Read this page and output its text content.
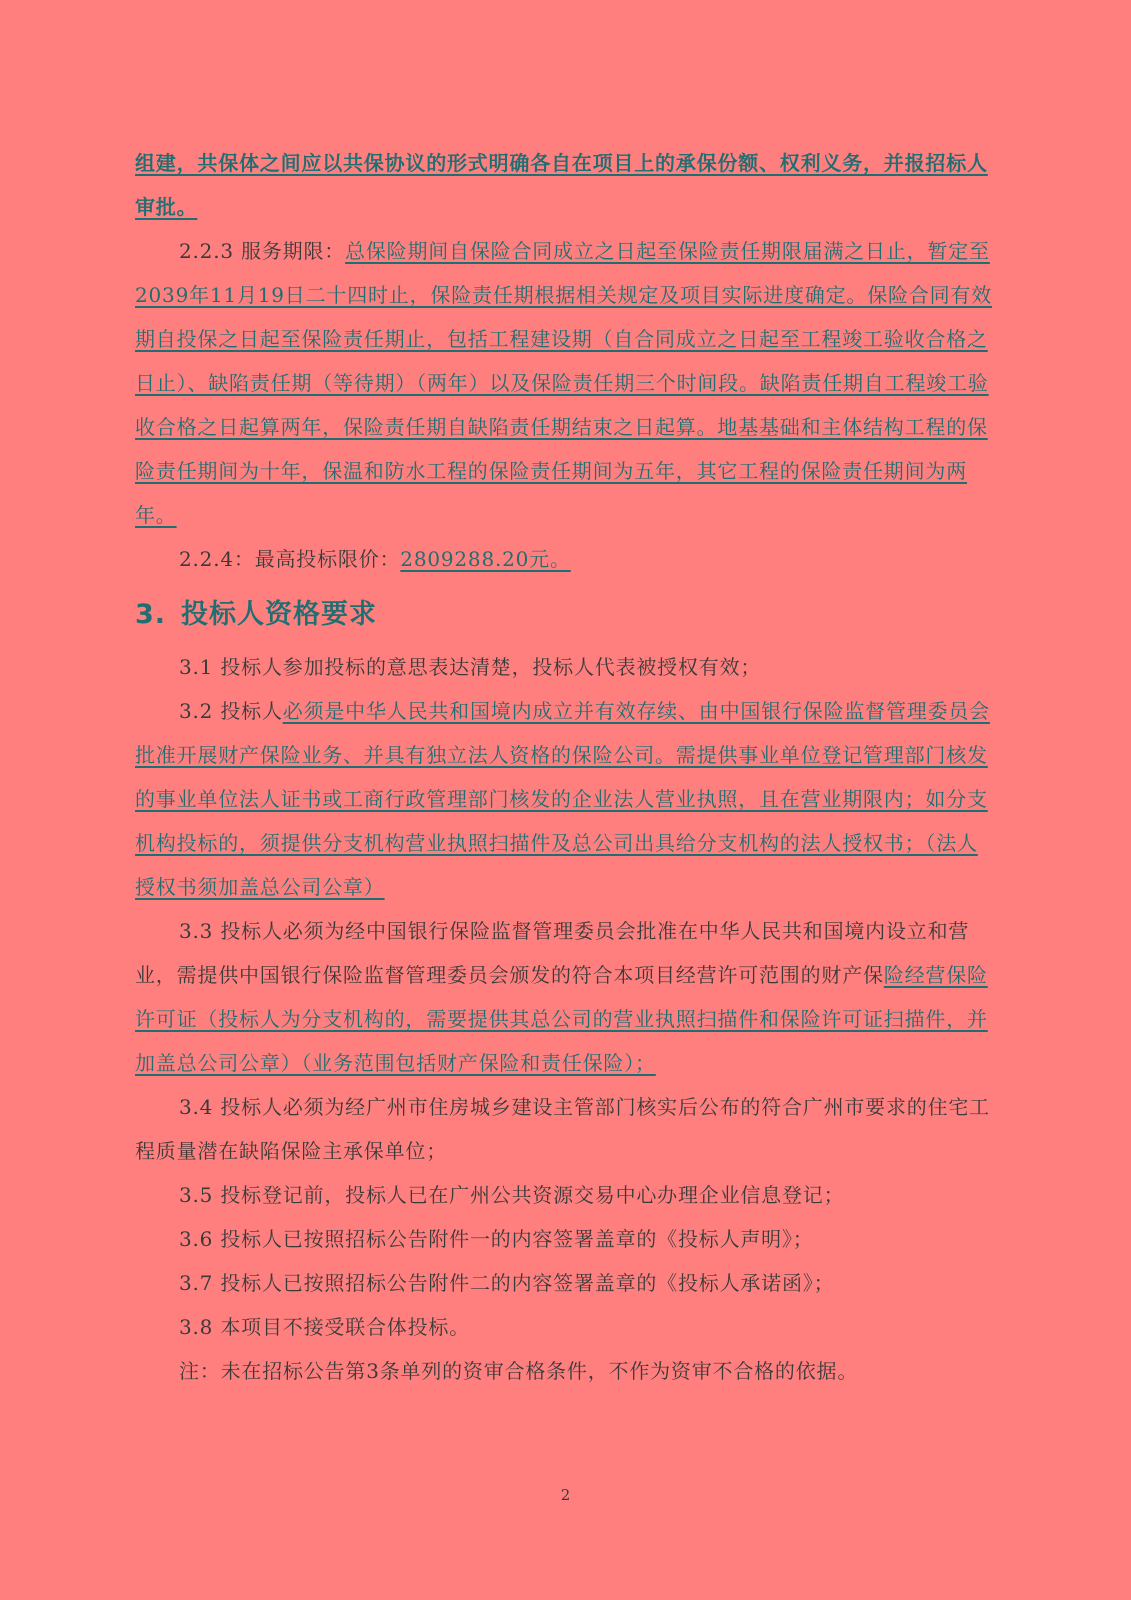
组建，共保体之间应以共保协议的形式明确各自在项目上的承保份额、权利义务，并报招标人审批。

2.2.3 服务期限：总保险期间自保险合同成立之日起至保险责任期限届满之日止，暂定至2039年11月19日二十四时止，保险责任期根据相关规定及项目实际进度确定。保险合同有效期自投保之日起至保险责任期止，包括工程建设期（自合同成立之日起至工程竣工验收合格之日止）、缺陷责任期（等待期）（两年）以及保险责任期三个时间段。缺陷责任期自工程竣工验收合格之日起算两年，保险责任期自缺陷责任期结束之日起算。地基基础和主体结构工程的保险责任期间为十年，保温和防水工程的保险责任期间为五年，其它工程的保险责任期间为两年。

2.2.4：最高投标限价：2809288.20元。

3. 投标人资格要求

3.1 投标人参加投标的意思表达清楚，投标人代表被授权有效；

3.2 投标人必须是中华人民共和国境内成立并有效存续、由中国银行保险监督管理委员会批准开展财产保险业务、并具有独立法人资格的保险公司。需提供事业单位登记管理部门核发的事业单位法人证书或工商行政管理部门核发的企业法人营业执照，且在营业期限内；如分支机构投标的，须提供分支机构营业执照扫描件及总公司出具给分支机构的法人授权书；（法人授权书须加盖总公司公章）

3.3 投标人必须为经中国银行保险监督管理委员会批准在中华人民共和国境内设立和营业，需提供中国银行保险监督管理委员会颁发的符合本项目经营许可范围的财产保险经营保险许可证（投标人为分支机构的，需要提供其总公司的营业执照扫描件和保险许可证扫描件，并加盖总公司公章）（业务范围包括财产保险和责任保险）；

3.4 投标人必须为经广州市住房城乡建设主管部门核实后公布的符合广州市要求的住宅工程质量潜在缺陷保险主承保单位；

3.5 投标登记前，投标人已在广州公共资源交易中心办理企业信息登记；

3.6 投标人已按照招标公告附件一的内容签署盖章的《投标人声明》；

3.7 投标人已按照招标公告附件二的内容签署盖章的《投标人承诺函》；

3.8 本项目不接受联合体投标。

注：未在招标公告第3条单列的资审合格条件，不作为资审不合格的依据。

2
